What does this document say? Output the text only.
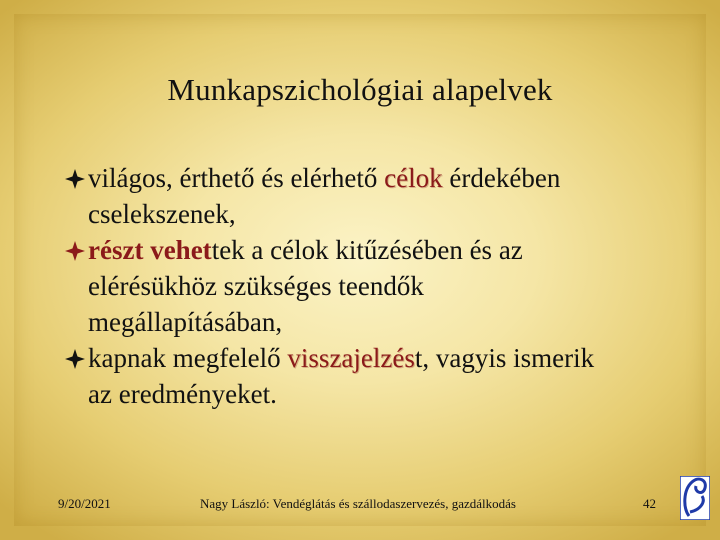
Munkapszichológiai alapelvek
világos, érthető és elérhető célok érdekében cselekszenek,
részt vehettek a célok kitűzésében és az elérésükhöz szükséges teendők megállapításában,
kapnak megfelelő visszajelzést, vagyis ismerik az eredményeket.
9/20/2021	Nagy László: Vendéglátás és szállodaszervezés, gazdálkodás	42
